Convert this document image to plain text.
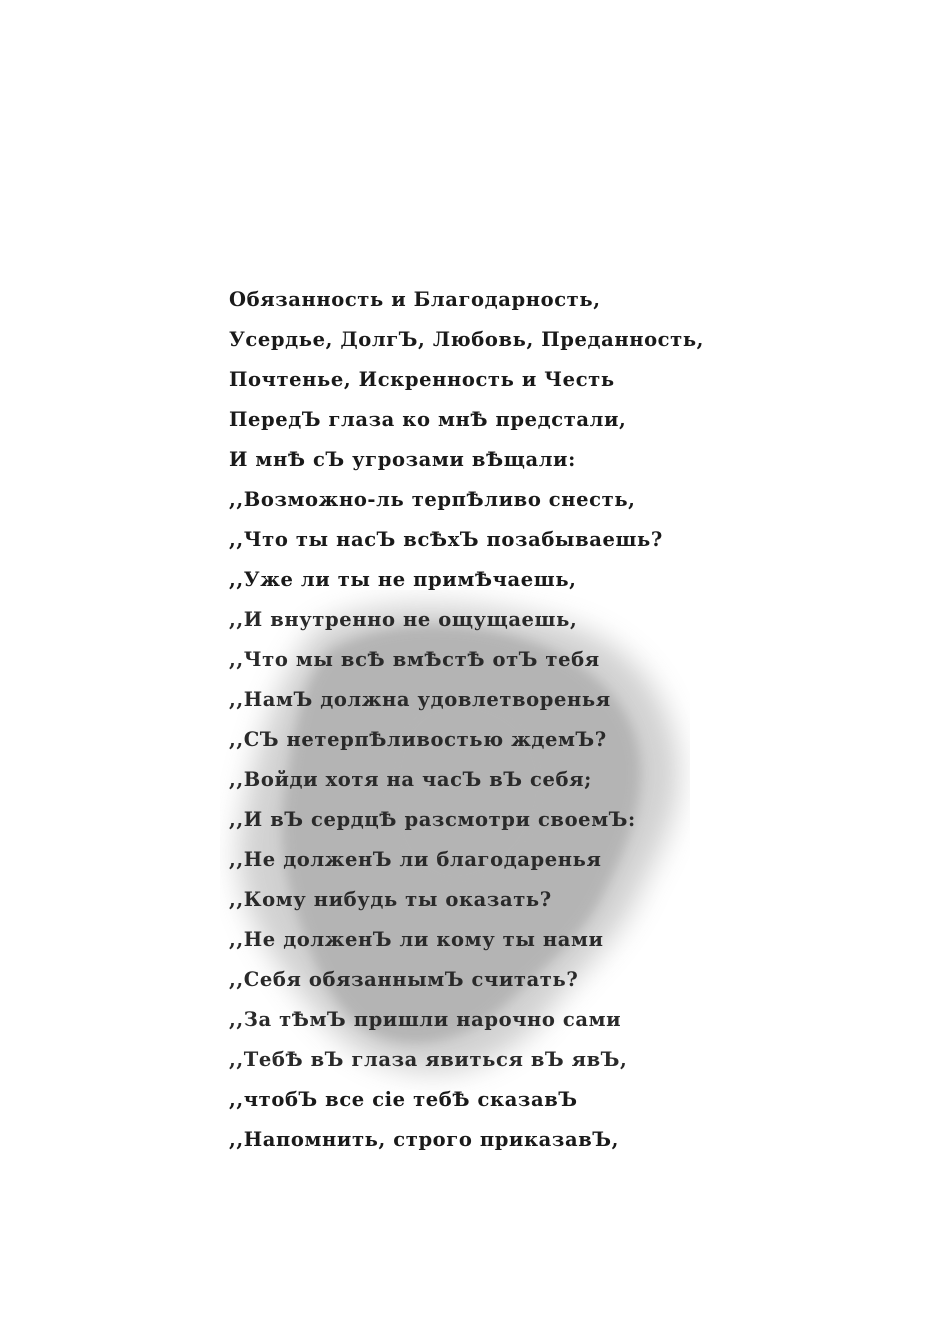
Обязанность и Благодарность,
Усердье, ДолгЪ, Любовь, Преданность,
Почтенье, Искренность и Честь
ПередЪ глаза ко мнѢ предстали,
И мнѢ сЪ угрозами вѢщали:
,,Возможно-ль терпѢливо снесть,
,,Что ты насЪ всѢхЪ позабываешь?
,,Уже ли ты не примѢчаешь,
,,И внутренно не ощущаешь,
,,Что мы всѢ вмѢстѢ отЪ тебя
,,НамЪ должна удовлетворенья
,,СЪ нетерпѢливостью ждемЪ?
,,Войди хотя на часЪ вЪ себя;
,,И вЪ сердцѢ разсмотри своемЪ:
,,Не долженЪ ли благодаренья
,,Кому нибудь ты оказать?
,,Не долженЪ ли кому ты нами
,,Себя обязаннымЪ считать?
,,За тѢмЪ пришли нарочно сами
,,ТебѢ вЪ глаза явиться вЪ явЪ,
,,чтобЪ все сіе тебѢ сказавЪ
,,Напомнить, строго приказавЪ,
